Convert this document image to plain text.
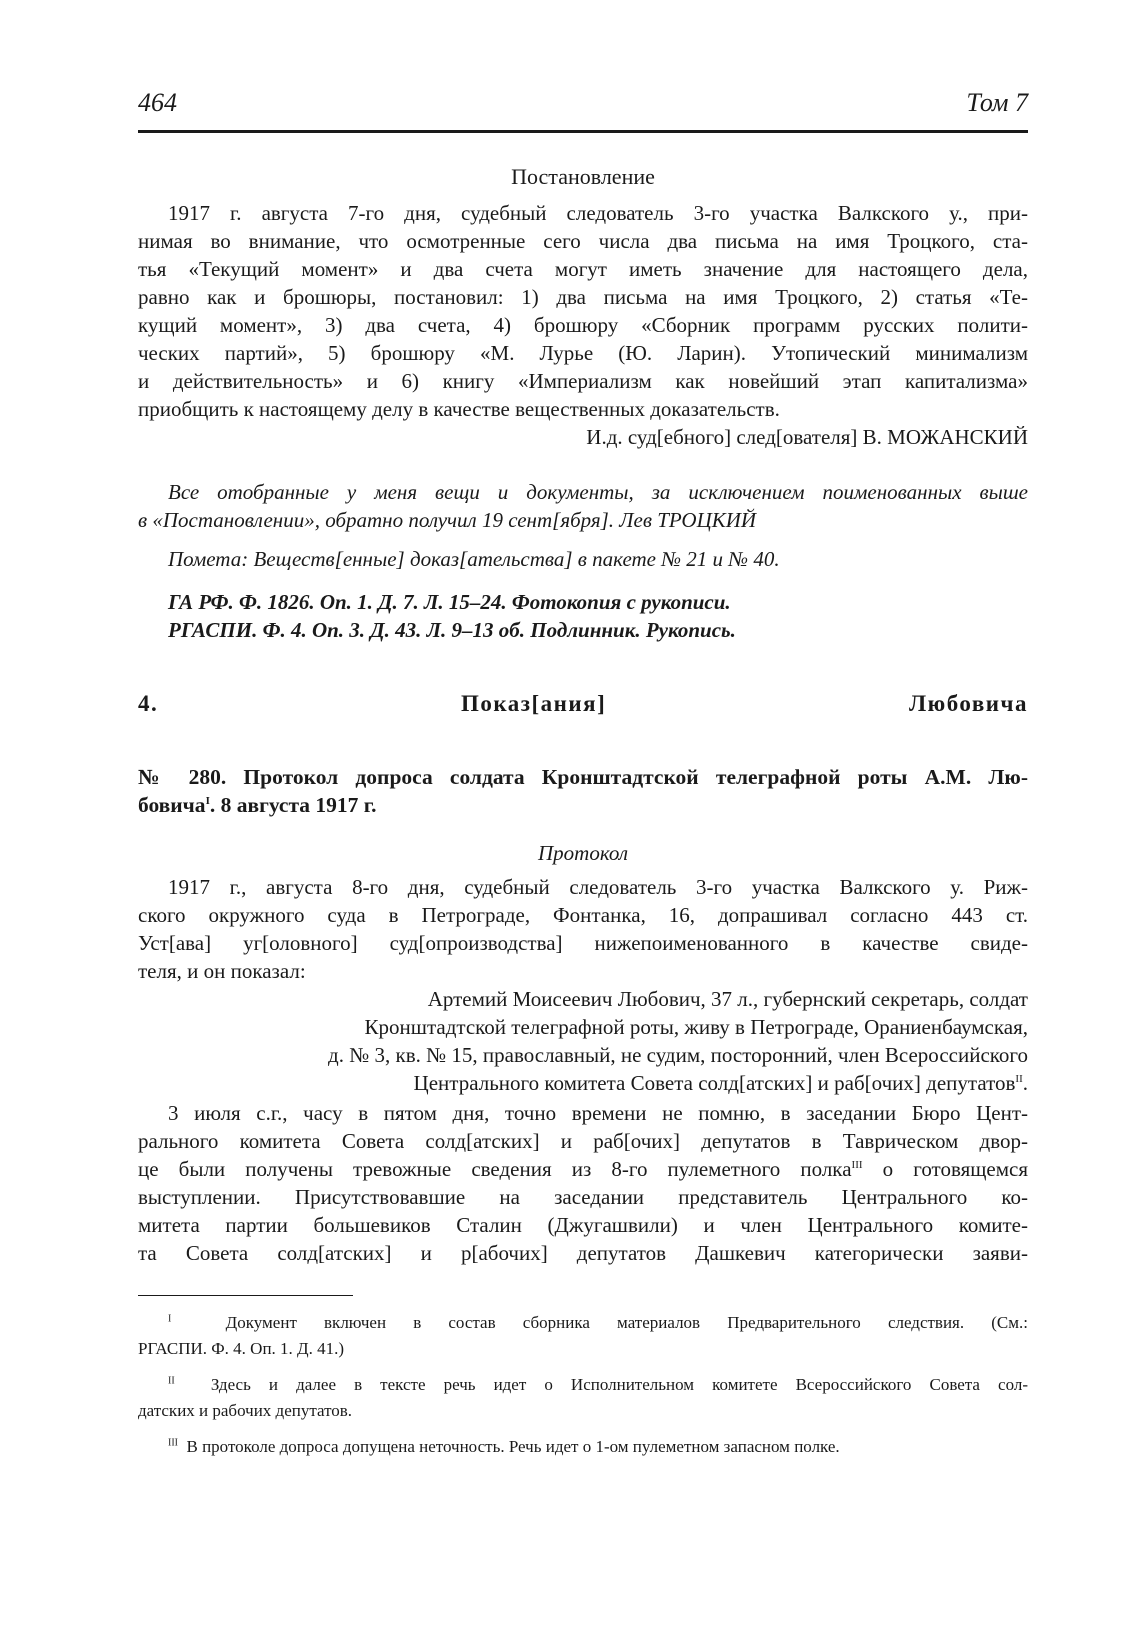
464	Том 7
Постановление
1917 г. августа 7-го дня, судебный следователь 3-го участка Валкского у., при-
нимая во внимание, что осмотренные сего числа два письма на имя Троцкого, ста-
тья «Текущий момент» и два счета могут иметь значение для настоящего дела,
равно как и брошюры, постановил: 1) два письма на имя Троцкого, 2) статья «Те-
кущий момент», 3) два счета, 4) брошюру «Сборник программ русских полити-
ческих партий», 5) брошюру «М. Лурье (Ю. Ларин). Утопический минимализм
и действительность» и 6) книгу «Империализм как новейший этап капитализма»
приобщить к настоящему делу в качестве вещественных доказательств.
И.д. суд[ебного] след[ователя] В. МОЖАНСКИЙ
Все отобранные у меня вещи и документы, за исключением поименованных выше
в «Постановлении», обратно получил 19 сент[ября]. Лев ТРОЦКИЙ
Помета: Веществ[енные] доказ[ательства] в пакете № 21 и № 40.
ГА РФ. Ф. 1826. Оп. 1. Д. 7. Л. 15–24. Фотокопия с рукописи.
РГАСПИ. Ф. 4. Оп. 3. Д. 43. Л. 9–13 об. Подлинник. Рукопись.
4. Показ[ания] Любовича
№ 280. Протокол допроса солдата Кронштадтской телеграфной роты А.М. Лю-
бовича$^I$. 8 августа 1917 г.
Протокол
1917 г., августа 8-го дня, судебный следователь 3-го участка Валкского у. Риж-
ского окружного суда в Петрограде, Фонтанка, 16, допрашивал согласно 443 ст.
Уст[ава] уг[оловного] суд[опроизводства] нижепоименованного в качестве свиде-
теля, и он показал:
Артемий Моисеевич Любович, 37 л., губернский секретарь, солдат
Кронштадтской телеграфной роты, живу в Петрограде, Ораниенбаумская,
д. № 3, кв. № 15, православный, не судим, посторонний, член Всероссийского
Центрального комитета Совета солд[атских] и раб[очих] депутатов$^{II}$.
3 июля с.г., часу в пятом дня, точно времени не помню, в заседании Бюро Цент-
рального комитета Совета солд[атских] и раб[очих] депутатов в Таврическом двор-
це были получены тревожные сведения из 8-го пулеметного полка$^{III}$ о готовящемся
выступлении. Присутствовавшие на заседании представитель Центрального ко-
митета партии большевиков Сталин (Джугашвили) и член Центрального комите-
та Совета солд[атских] и р[абочих] депутатов Дашкевич категорически заяви-
$^I$	Документ включен в состав сборника материалов Предварительного следствия. (См.:
РГАСПИ. Ф. 4. Оп. 1. Д. 41.)
$^{II}$ Здесь и далее в тексте речь идет о Исполнительном комитете Всероссийского Совета сол-
датских и рабочих депутатов.
$^{III}$ В протоколе допроса допущена неточность. Речь идет о 1-ом пулеметном запасном полке.
